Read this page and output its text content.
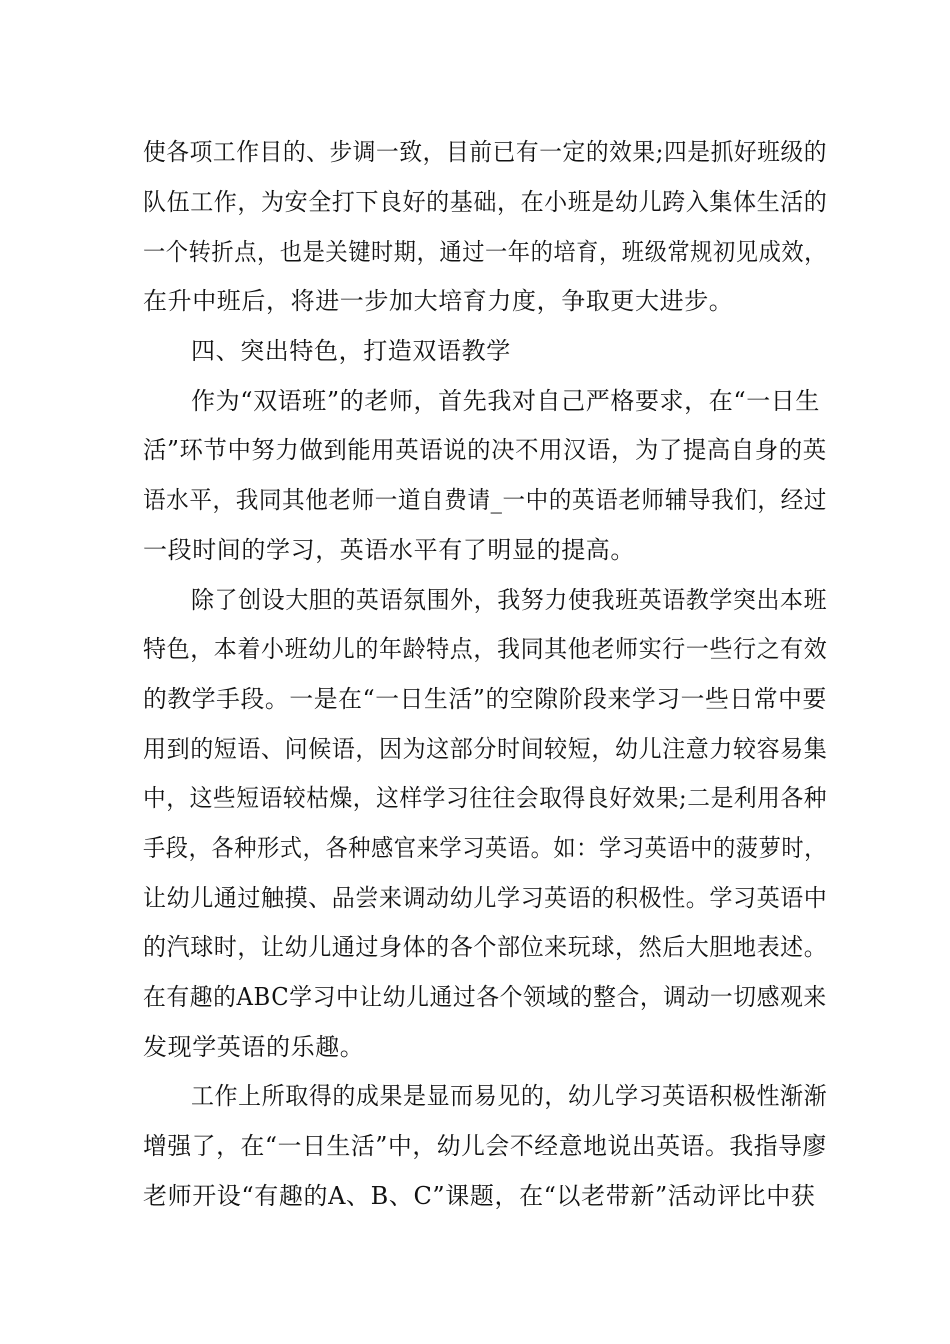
使各项工作目的、步调一致，目前已有一定的效果;四是抓好班级的
队伍工作，为安全打下良好的基础，在小班是幼儿跨入集体生活的
一个转折点，也是关键时期，通过一年的培育，班级常规初见成效，
在升中班后，将进一步加大培育力度，争取更大进步。
四、突出特色，打造双语教学
作为“双语班”的老师，首先我对自己严格要求，在“一日生
活”环节中努力做到能用英语说的决不用汉语，为了提高自身的英
语水平，我同其他老师一道自费请_一中的英语老师辅导我们，经过
一段时间的学习，英语水平有了明显的提高。
除了创设大胆的英语氛围外，我努力使我班英语教学突出本班
特色，本着小班幼儿的年龄特点，我同其他老师实行一些行之有效
的教学手段。一是在“一日生活”的空隙阶段来学习一些日常中要
用到的短语、问候语，因为这部分时间较短，幼儿注意力较容易集
中，这些短语较枯燥，这样学习往往会取得良好效果;二是利用各种
手段，各种形式，各种感官来学习英语。如：学习英语中的菠萝时，
让幼儿通过触摸、品尝来调动幼儿学习英语的积极性。学习英语中
的汽球时，让幼儿通过身体的各个部位来玩球，然后大胆地表述。
在有趣的ABC学习中让幼儿通过各个领域的整合，调动一切感观来
发现学英语的乐趣。
工作上所取得的成果是显而易见的，幼儿学习英语积极性渐渐
增强了，在“一日生活”中，幼儿会不经意地说出英语。我指导廖
老师开设“有趣的A、B、C”课题，在“以老带新”活动评比中获
